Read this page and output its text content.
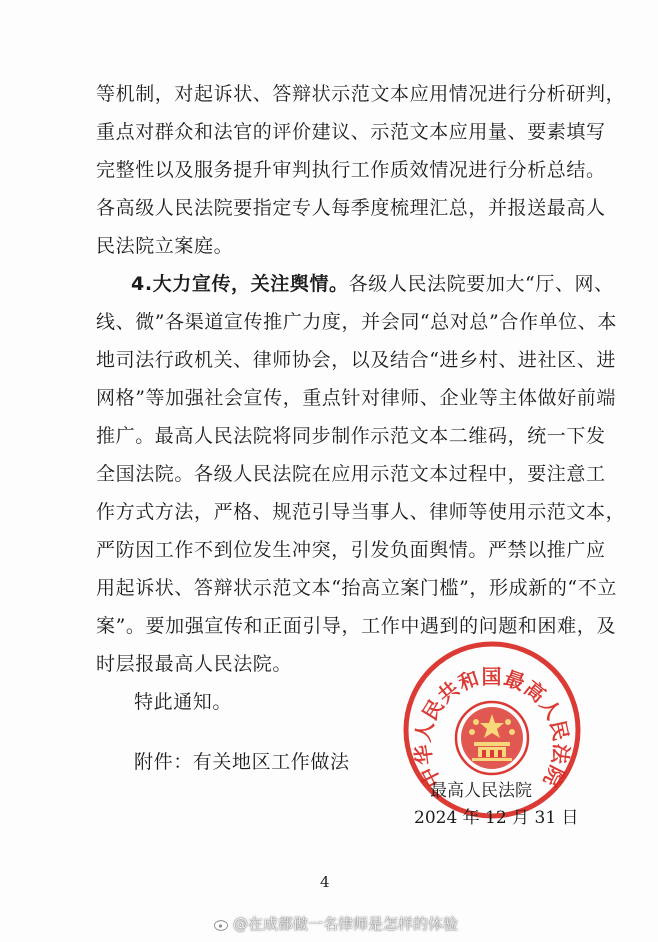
等机制，对起诉状、答辩状示范文本应用情况进行分析研判，
重点对群众和法官的评价建议、示范文本应用量、要素填写
完整性以及服务提升审判执行工作质效情况进行分析总结。
各高级人民法院要指定专人每季度梳理汇总，并报送最高人
民法院立案庭。
4.大力宣传，关注舆情。各级人民法院要加大“厅、网、
线、微”各渠道宣传推广力度，并会同“总对总”合作单位、本
地司法行政机关、律师协会，以及结合“进乡村、进社区、进
网格”等加强社会宣传，重点针对律师、企业等主体做好前端
推广。最高人民法院将同步制作示范文本二维码，统一下发
全国法院。各级人民法院在应用示范文本过程中，要注意工
作方式方法，严格、规范引导当事人、律师等使用示范文本，
严防因工作不到位发生冲突，引发负面舆情。严禁以推广应
用起诉状、答辩状示范文本“抬高立案门槛”，形成新的“不立
案”。要加强宣传和正面引导，工作中遇到的问题和困难，及
时层报最高人民法院。
特此通知。
附件：有关地区工作做法	中华人民共和国最高人民法院
最高人民法院
2024 年 12 月 31 日
4
@在成都做一名律师是怎样的体验
